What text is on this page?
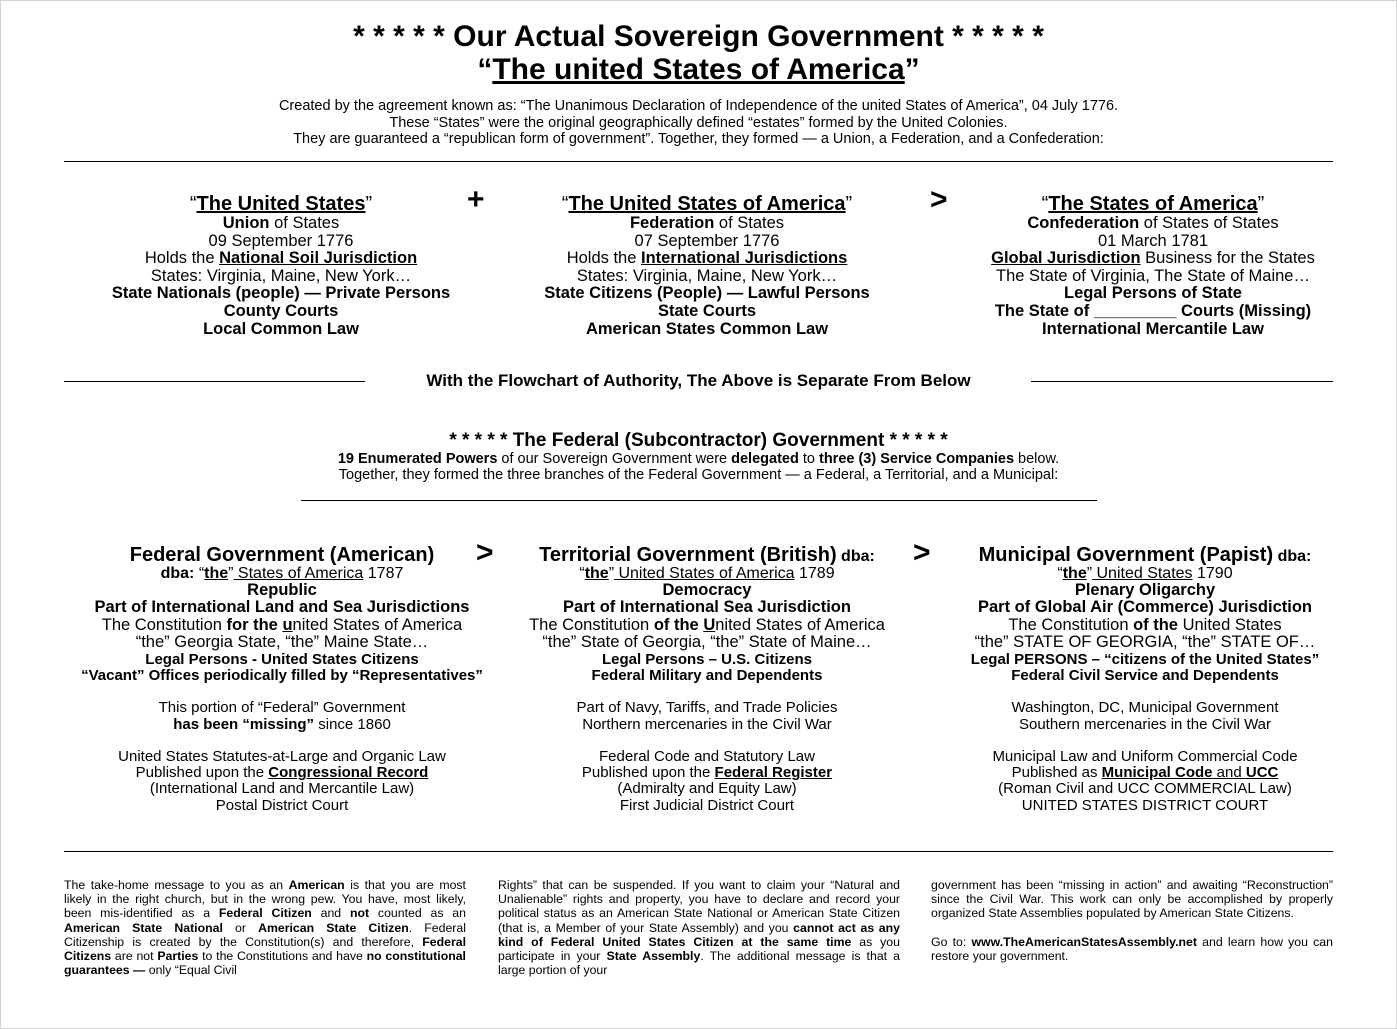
* * * * * Our Actual Sovereign Government * * * * *
“The united States of America”
Created by the agreement known as: “The Unanimous Declaration of Independence of the united States of America”, 04 July 1776.
These “States” were the original geographically defined “estates” formed by the United Colonies.
They are guaranteed a “republican form of government”. Together, they formed — a Union, a Federation, and a Confederation:
“The United States”
Union of States
09 September 1776
Holds the National Soil Jurisdiction
States: Virginia, Maine, New York…
State Nationals (people) — Private Persons
County Courts
Local Common Law
+	“The United States of America”
Federation of States
07 September 1776
Holds the International Jurisdictions
States: Virginia, Maine, New York…
State Citizens (People) — Lawful Persons
State Courts
American States Common Law
>	“The States of America”
Confederation of States of States
01 March 1781
Global Jurisdiction Business for the States
The State of Virginia, The State of Maine…
Legal Persons of State
The State of _________ Courts (Missing)
International Mercantile Law
With the Flowchart of Authority, The Above is Separate From Below
* * * * * The Federal (Subcontractor) Government * * * * *
19 Enumerated Powers of our Sovereign Government were delegated to three (3) Service Companies below.
Together, they formed the three branches of the Federal Government — a Federal, a Territorial, and a Municipal:
Federal Government (American)
dba: “the” States of America 1787
Republic
Part of International Land and Sea Jurisdictions
The Constitution for the united States of America
“the” Georgia State, “the” Maine State…
Legal Persons - United States Citizens
“Vacant” Offices periodically filled by “Representatives”
This portion of “Federal” Government
has been “missing” since 1860
United States Statutes-at-Large and Organic Law
Published upon the Congressional Record
(International Land and Mercantile Law)
Postal District Court
>	Territorial Government (British) dba:
“the” United States of America 1789
Democracy
Part of International Sea Jurisdiction
The Constitution of the United States of America
“the” State of Georgia, “the” State of Maine…
Legal Persons – U.S. Citizens
Federal Military and Dependents
Part of Navy, Tariffs, and Trade Policies
Northern mercenaries in the Civil War
Federal Code and Statutory Law
Published upon the Federal Register
(Admiralty and Equity Law)
First Judicial District Court
>	Municipal Government (Papist) dba:
“the” United States 1790
Plenary Oligarchy
Part of Global Air (Commerce) Jurisdiction
The Constitution of the United States
“the” STATE OF GEORGIA, “the” STATE OF…
Legal PERSONS – “citizens of the United States”
Federal Civil Service and Dependents
Washington, DC, Municipal Government
Southern mercenaries in the Civil War
Municipal Law and Uniform Commercial Code
Published as Municipal Code and UCC
(Roman Civil and UCC COMMERCIAL Law)
UNITED STATES DISTRICT COURT
The take-home message to you as an American is that you are most likely in the right church, but in the wrong pew. You have, most likely, been mis-identified as a Federal Citizen and not counted as an American State National or American State Citizen. Federal Citizenship is created by the Constitution(s) and therefore, Federal Citizens are not Parties to the Constitutions and have no constitutional guarantees — only “Equal Civil
Rights” that can be suspended. If you want to claim your “Natural and Unalienable” rights and property, you have to declare and record your political status as an American State National or American State Citizen (that is, a Member of your State Assembly) and you cannot act as any kind of Federal United States Citizen at the same time as you participate in your State Assembly. The additional message is that a large portion of your
government has been “missing in action” and awaiting “Reconstruction” since the Civil War. This work can only be accomplished by properly organized State Assemblies populated by American State Citizens.
Go to: www.TheAmericanStatesAssembly.net and learn how you can restore your government.
